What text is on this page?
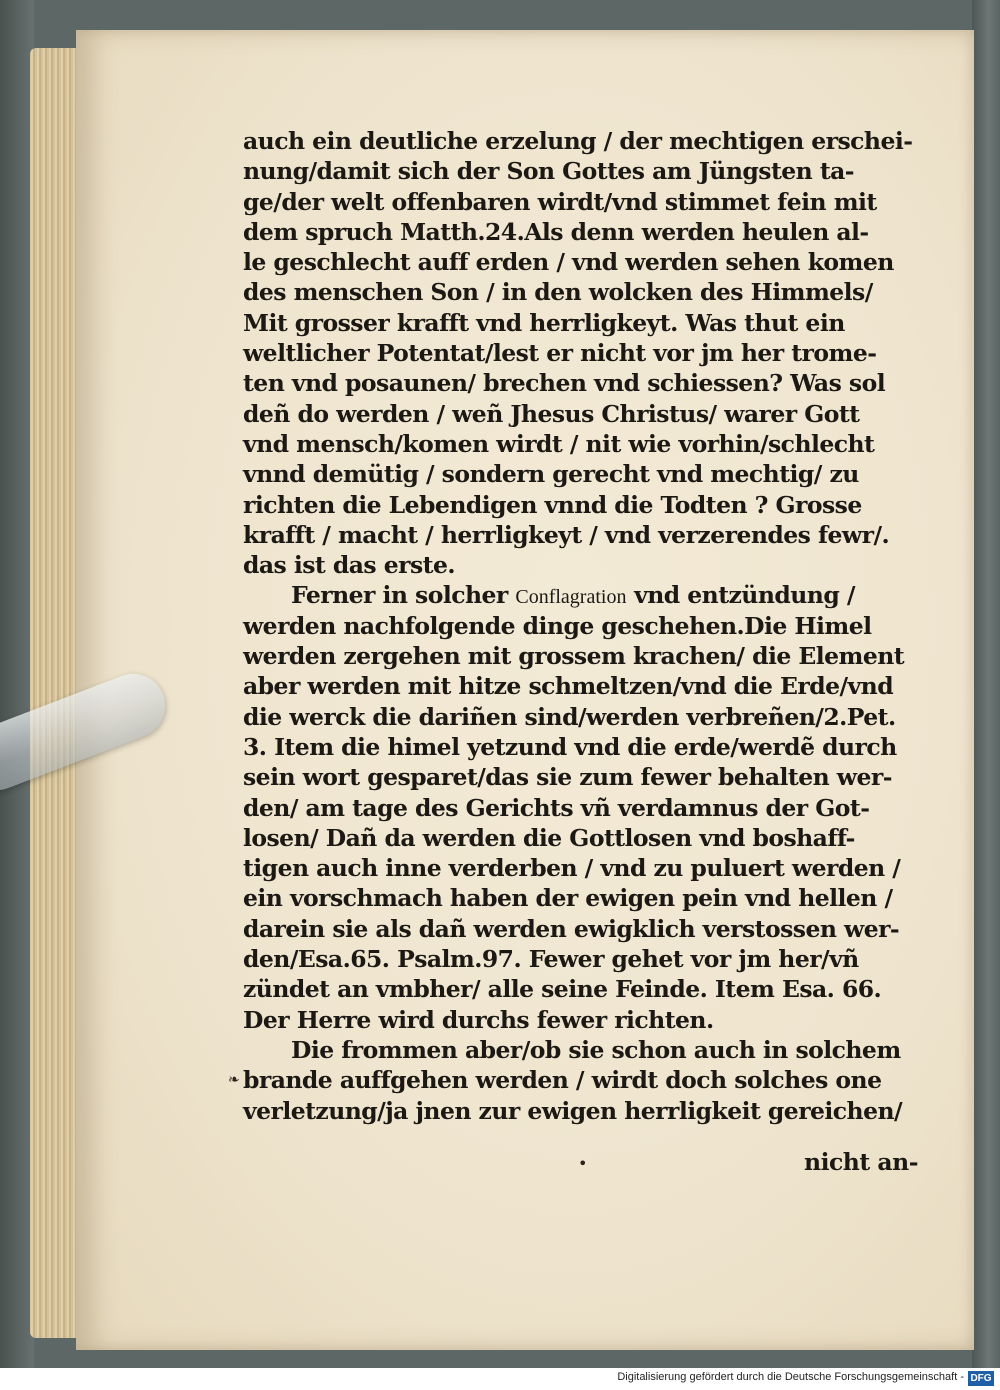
auch ein deutliche erzelung / der mechtigen erschei-
nung/damit sich der Son Gottes am Jüngsten ta-
ge/der welt offenbaren wirdt/vnd stimmet fein mit
dem spruch Matth.24.Als denn werden heulen al-
le geschlecht auff erden / vnd werden sehen komen
des menschen Son / in den wolcken des Himmels/
Mit grosser krafft vnd herrligkeyt. Was thut ein
weltlicher Potentat/lest er nicht vor jm her trome-
ten vnd posaunen/ brechen vnd schiessen? Was sol
deñ do werden / weñ Jhesus Christus/ warer Gott
vnd mensch/komen wirdt / nit wie vorhin/schlecht
vnnd demütig / sondern gerecht vnd mechtig/ zu
richten die Lebendigen vnnd die Todten ? Grosse
krafft / macht / herrligkeyt / vnd verzerendes fewr/.
das ist das erste.
Ferner in solcher Conflagration vnd entzündung /
werden nachfolgende dinge geschehen.Die Himel
werden zergehen mit grossem krachen/ die Element
aber werden mit hitze schmeltzen/vnd die Erde/vnd
die werck die dariñen sind/werden verbreñen/2.Pet.
3. Item die himel yetzund vnd die erde/werdẽ durch
sein wort gesparet/das sie zum fewer behalten wer-
den/ am tage des Gerichts vñ verdamnus der Got-
losen/ Dañ da werden die Gottlosen vnd boshaff-
tigen auch inne verderben / vnd zu puluert werden /
ein vorschmach haben der ewigen pein vnd hellen /
darein sie als dañ werden ewigklich verstossen wer-
den/Esa.65. Psalm.97. Fewer gehet vor jm her/vñ
zündet an vmbher/ alle seine Feinde. Item Esa. 66.
Der Herre wird durchs fewer richten.
Die frommen aber/ob sie schon auch in solchem
brande auffgehen werden / wirdt doch solches one
verletzung/ja jnen zur ewigen herrligkeit gereichen/
nicht an-
❧
•
Digitalisierung gefördert durch die Deutsche Forschungsgemeinschaft - DFG
